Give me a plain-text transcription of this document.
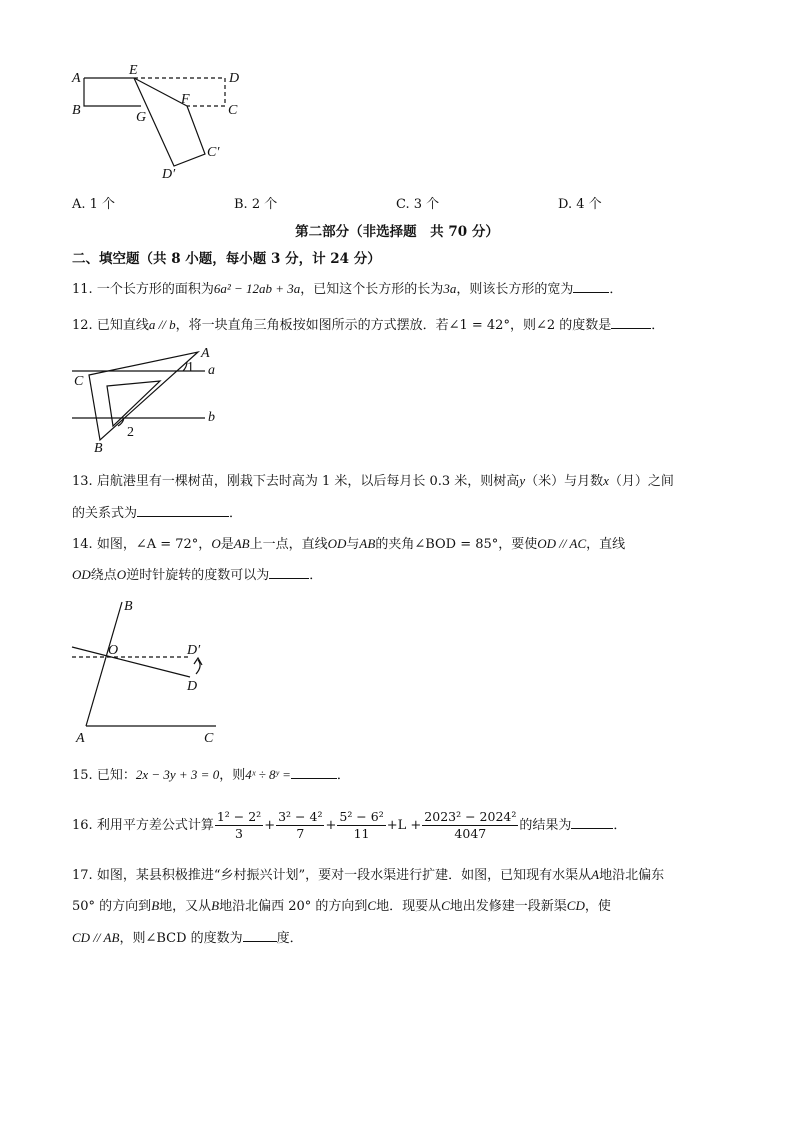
A
B
E
D
F
G	C
C′
D′
A. 1 个	B. 2 个	C. 3 个	D. 4 个
第二部分（非选择题　共 70 分）
二、填空题（共 8 小题，每小题 3 分，计 24 分）
11. 一个长方形的面积为6a² − 12ab + 3a，已知这个长方形的长为3a，则该长方形的宽为	．
12. 已知直线a // b，将一块直角三角板按如图所示的方式摆放．若∠1 = 42°，则∠2 的度数是	．
A
C
a
b
B
1
2
13. 启航港里有一棵树苗，刚栽下去时高为 1 米，以后每月长 0.3 米，则树高y（米）与月数x（月）之间
的关系式为	．
14. 如图，∠A = 72°，O是AB上一点，直线OD与AB的夹角∠BOD = 85°，要使OD // AC，直线
OD绕点O逆时针旋转的度数可以为	．
B
O	D′
D
A	C
15. 已知：2x − 3y + 3 = 0，则4ˣ ÷ 8ʸ =	．
16. 利用平方差公式计算 $\frac{\text{1² − 2²}}{3} + \frac{\text{3² − 4²}}{7} + \frac{\text{5² − 6²}}{11} +L + \frac{\text{2023² − 2024²}}{4047}$ 的结果为	．
17. 如图，某县积极推进“乡村振兴计划”，要对一段水渠进行扩建．如图，已知现有水渠从A地沿北偏东
50° 的方向到B地，又从B地沿北偏西 20° 的方向到C地．现要从C地出发修建一段新渠CD，使
CD // AB，则∠BCD 的度数为	度．
